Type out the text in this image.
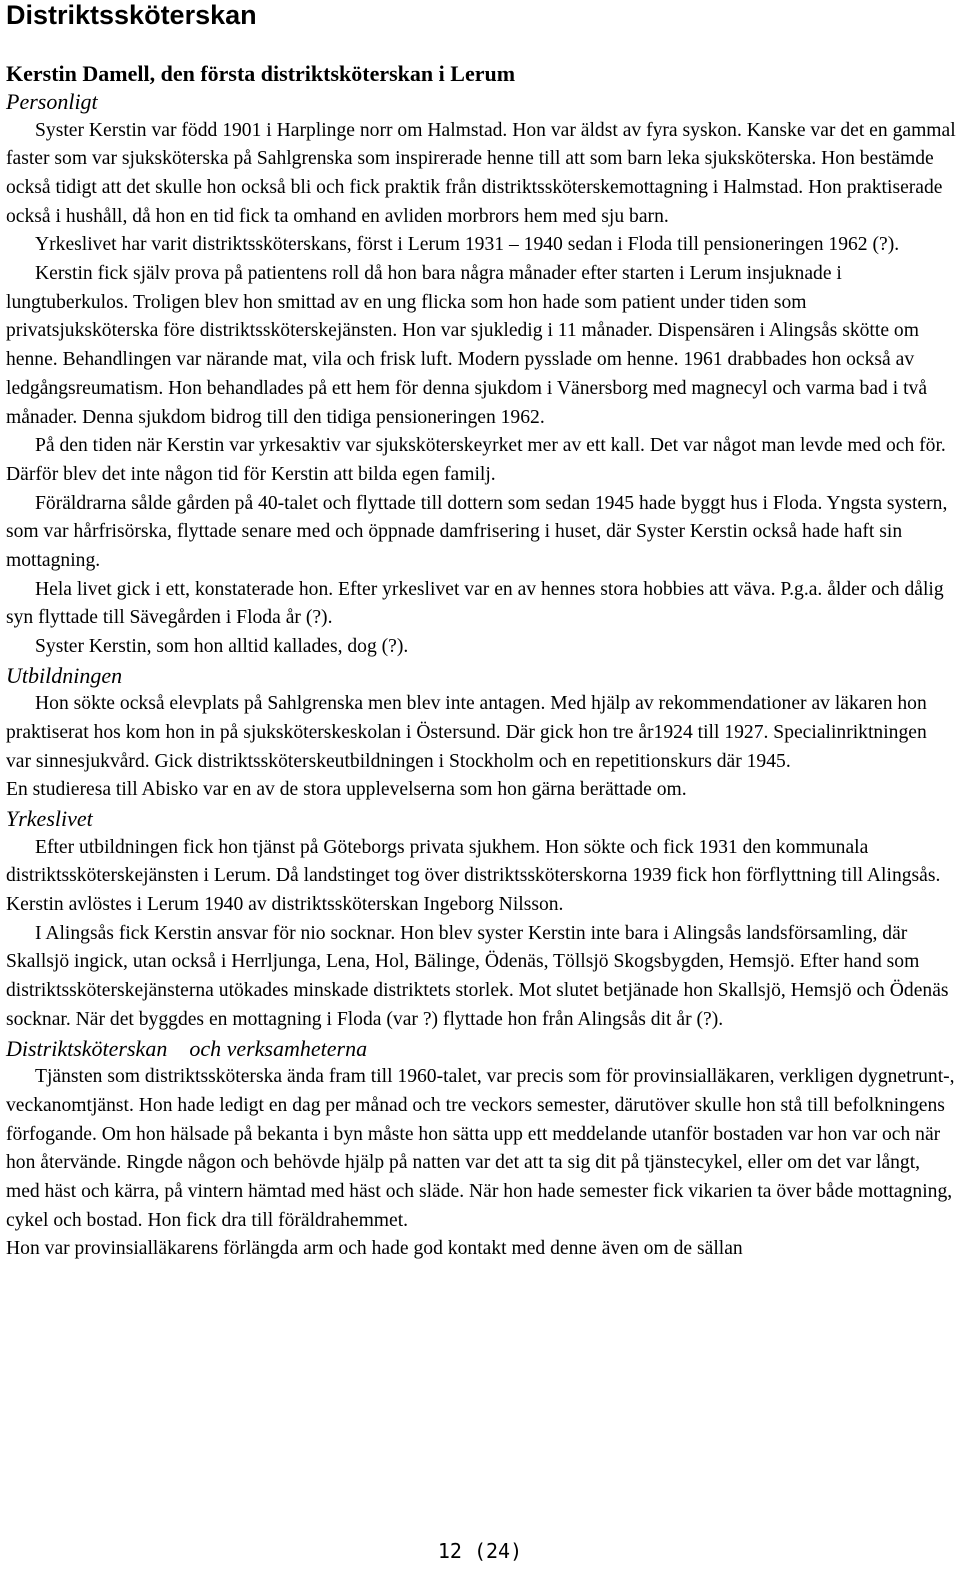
Distriktssköterskan
Kerstin Damell, den första distriktsköterskan i Lerum
Personligt

Syster Kerstin var född 1901 i Harplinge norr om Halmstad. Hon var äldst av fyra syskon. Kanske var det en gammal faster som var sjuksköterska på Sahlgrenska som inspirerade henne till att som barn leka sjuksköterska. Hon bestämde också tidigt att det skulle hon också bli och fick praktik från distriktssköterskemottagning i Halmstad. Hon praktiserade också i hushåll, då hon en tid fick ta omhand en avliden morbrors hem med sju barn.

Yrkeslivet har varit distriktssköterskans, först i Lerum 1931 – 1940 sedan i Floda till pensioneringen 1962 (?).

Kerstin fick själv prova på patientens roll då hon bara några månader efter starten i Lerum insjuknade i lungtuberkulos. Troligen blev hon smittad av en ung flicka som hon hade som patient under tiden som privatsjuksköterska före distriktssköterskejänsten. Hon var sjukledig i 11 månader. Dispensären i Alingsås skötte om henne. Behandlingen var närande mat, vila och frisk luft. Modern pysslade om henne. 1961 drabbades hon också av ledgångsreumatism. Hon behandlades på ett hem för denna sjukdom i Vänersborg med magnecyl och varma bad i två månader. Denna sjukdom bidrog till den tidiga pensioneringen 1962.

På den tiden när Kerstin var yrkesaktiv var sjuksköterskeyrket mer av ett kall. Det var något man levde med och för. Därför blev det inte någon tid för Kerstin att bilda egen familj.

Föräldrarna sålde gården på 40-talet och flyttade till dottern som sedan 1945 hade byggt hus i Floda. Yngsta systern, som var hårfrisörska, flyttade senare med och öppnade damfrisering i huset, där Syster Kerstin också hade haft sin mottagning.

Hela livet gick i ett, konstaterade hon. Efter yrkeslivet var en av hennes stora hobbies att väva. P.g.a. ålder och dålig syn flyttade till Sävegården i Floda år (?).

Syster Kerstin, som hon alltid kallades, dog (?).

Utbildningen

Hon sökte också elevplats på Sahlgrenska men blev inte antagen. Med hjälp av rekommendationer av läkaren hon praktiserat hos kom hon in på sjuksköterskeskolan i Östersund. Där gick hon tre år1924 till 1927. Specialinriktningen var sinnesjukvård. Gick distriktssköterskeutbildningen i Stockholm och en repetitionskurs där 1945.

En studieresa till Abisko var en av de stora upplevelserna som hon gärna berättade om.

Yrkeslivet

Efter utbildningen fick hon tjänst på Göteborgs privata sjukhem. Hon sökte och fick 1931 den kommunala distriktssköterskejänsten i Lerum. Då landstinget tog över distriktssköterskorna 1939 fick hon förflyttning till Alingsås. Kerstin avlöstes i Lerum 1940 av distriktssköterskan Ingeborg Nilsson.

I Alingsås fick Kerstin ansvar för nio socknar. Hon blev syster Kerstin inte bara i Alingsås landsförsamling, där Skallsjö ingick, utan också i Herrljunga, Lena, Hol, Bälinge, Ödenäs, Töllsjö Skogsbygden, Hemsjö. Efter hand som distriktssköterskejänsterna utökades minskade distriktets storlek. Mot slutet betjänade hon Skallsjö, Hemsjö och Ödenäs socknar. När det byggdes en mottagning i Floda (var ?) flyttade hon från Alingsås dit år (?).

Distriktsköterskan    och verksamheterna

Tjänsten som distriktssköterska ända fram till 1960-talet, var precis som för provinsialläkaren, verkligen dygnetrunt-, veckanomtjänst. Hon hade ledigt en dag per månad och tre veckors semester, därutöver skulle hon stå till befolkningens förfogande. Om hon hälsade på bekanta i byn måste hon sätta upp ett meddelande utanför bostaden var hon var och när hon återvände. Ringde någon och behövde hjälp på natten var det att ta sig dit på tjänstecykel, eller om det var långt, med häst och kärra, på vintern hämtad med häst och släde. När hon hade semester fick vikarien ta över både mottagning, cykel och bostad. Hon fick dra till föräldrahemmet.

Hon var provinsialläkarens förlängda arm och hade god kontakt med denne även om de sällan

12 (24)
